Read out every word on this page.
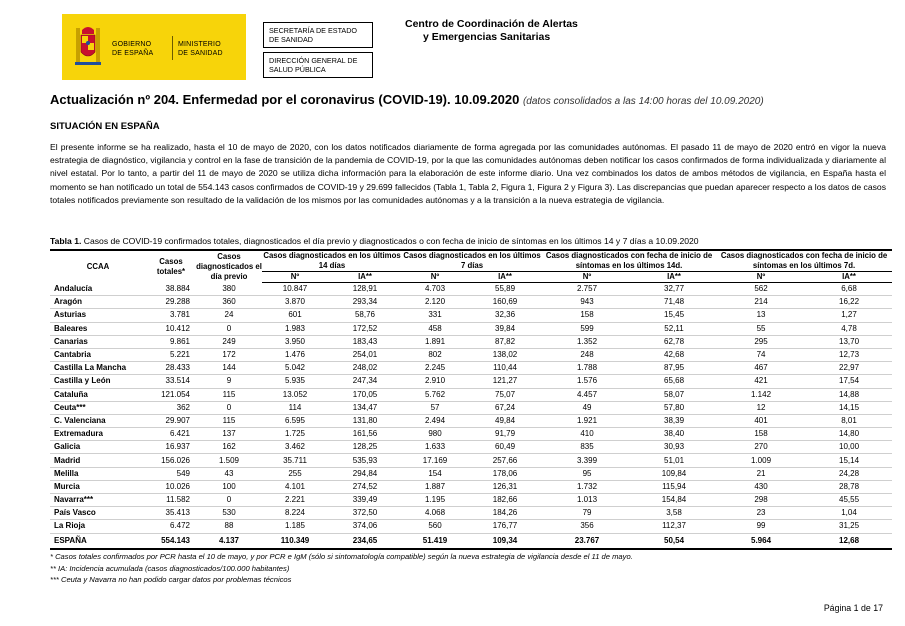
GOBIERNO
DE ESPAÑA
MINISTERIO
DE SANIDAD
SECRETARÍA DE ESTADO
DE SANIDAD
DIRECCIÓN GENERAL DE
SALUD PÚBLICA
Centro de Coordinación de Alertas
y Emergencias Sanitarias
Actualización nº 204. Enfermedad por el coronavirus (COVID-19). 10.09.2020 (datos consolidados a las 14:00 horas del 10.09.2020)
SITUACIÓN EN ESPAÑA
El presente informe se ha realizado, hasta el 10 de mayo de 2020, con los datos notificados diariamente de forma agregada por las comunidades autónomas. El pasado 11 de mayo de 2020 entró en vigor la nueva estrategia de diagnóstico, vigilancia y control en la fase de transición de la pandemia de COVID-19, por la que las comunidades autónomas deben notificar los casos confirmados de forma individualizada y diariamente al nivel estatal. Por lo tanto, a partir del 11 de mayo de 2020 se utiliza dicha información para la elaboración de este informe diario. Una vez combinados los datos de ambos métodos de vigilancia, en España hasta el momento se han notificado un total de 554.143 casos confirmados de COVID-19 y 29.699 fallecidos (Tabla 1, Tabla 2, Figura 1, Figura 2 y Figura 3). Las discrepancias que puedan aparecer respecto a los datos de casos totales notificados previamente son resultado de la validación de los mismos por las comunidades autónomas y a la transición a la nueva estrategia de vigilancia.
Tabla 1. Casos de COVID-19 confirmados totales, diagnosticados el día previo y diagnosticados o con fecha de inicio de síntomas en los últimos 14 y 7 días a 10.09.2020
CCAA	Casos totales*	Casos diagnosticados el día previo	Casos diagnosticados en los últimos 14 días		Casos diagnosticados en los últimos 7 días		Casos diagnosticados con fecha de inicio de síntomas en los últimos 14d.		Casos diagnosticados con fecha de inicio de síntomas en los últimos 7d.	
			Nº	IA**	Nº	IA**	Nº	IA**	Nº	IA**
Andalucía	38.884	380	10.847	128,91	4.703	55,89	2.757	32,77	562	6,68
Aragón	29.288	360	3.870	293,34	2.120	160,69	943	71,48	214	16,22
Asturias	3.781	24	601	58,76	331	32,36	158	15,45	13	1,27
Baleares	10.412	0	1.983	172,52	458	39,84	599	52,11	55	4,78
Canarias	9.861	249	3.950	183,43	1.891	87,82	1.352	62,78	295	13,70
Cantabria	5.221	172	1.476	254,01	802	138,02	248	42,68	74	12,73
Castilla La Mancha	28.433	144	5.042	248,02	2.245	110,44	1.788	87,95	467	22,97
Castilla y León	33.514	9	5.935	247,34	2.910	121,27	1.576	65,68	421	17,54
Cataluña	121.054	115	13.052	170,05	5.762	75,07	4.457	58,07	1.142	14,88
Ceuta***	362	0	114	134,47	57	67,24	49	57,80	12	14,15
C. Valenciana	29.907	115	6.595	131,80	2.494	49,84	1.921	38,39	401	8,01
Extremadura	6.421	137	1.725	161,56	980	91,79	410	38,40	158	14,80
Galicia	16.937	162	3.462	128,25	1.633	60,49	835	30,93	270	10,00
Madrid	156.026	1.509	35.711	535,93	17.169	257,66	3.399	51,01	1.009	15,14
Melilla	549	43	255	294,84	154	178,06	95	109,84	21	24,28
Murcia	10.026	100	4.101	274,52	1.887	126,31	1.732	115,94	430	28,78
Navarra***	11.582	0	2.221	339,49	1.195	182,66	1.013	154,84	298	45,55
País Vasco	35.413	530	8.224	372,50	4.068	184,26	79	3,58	23	1,04
La Rioja	6.472	88	1.185	374,06	560	176,77	356	112,37	99	31,25
ESPAÑA	554.143	4.137	110.349	234,65	51.419	109,34	23.767	50,54	5.964	12,68
* Casos totales confirmados por PCR hasta el 10 de mayo, y por PCR e IgM (sólo si sintomatología compatible) según la nueva estrategia de vigilancia desde el 11 de mayo.
** IA: Incidencia acumulada (casos diagnosticados/100.000 habitantes)
*** Ceuta y Navarra no han podido cargar datos por problemas técnicos
Página 1 de 17
